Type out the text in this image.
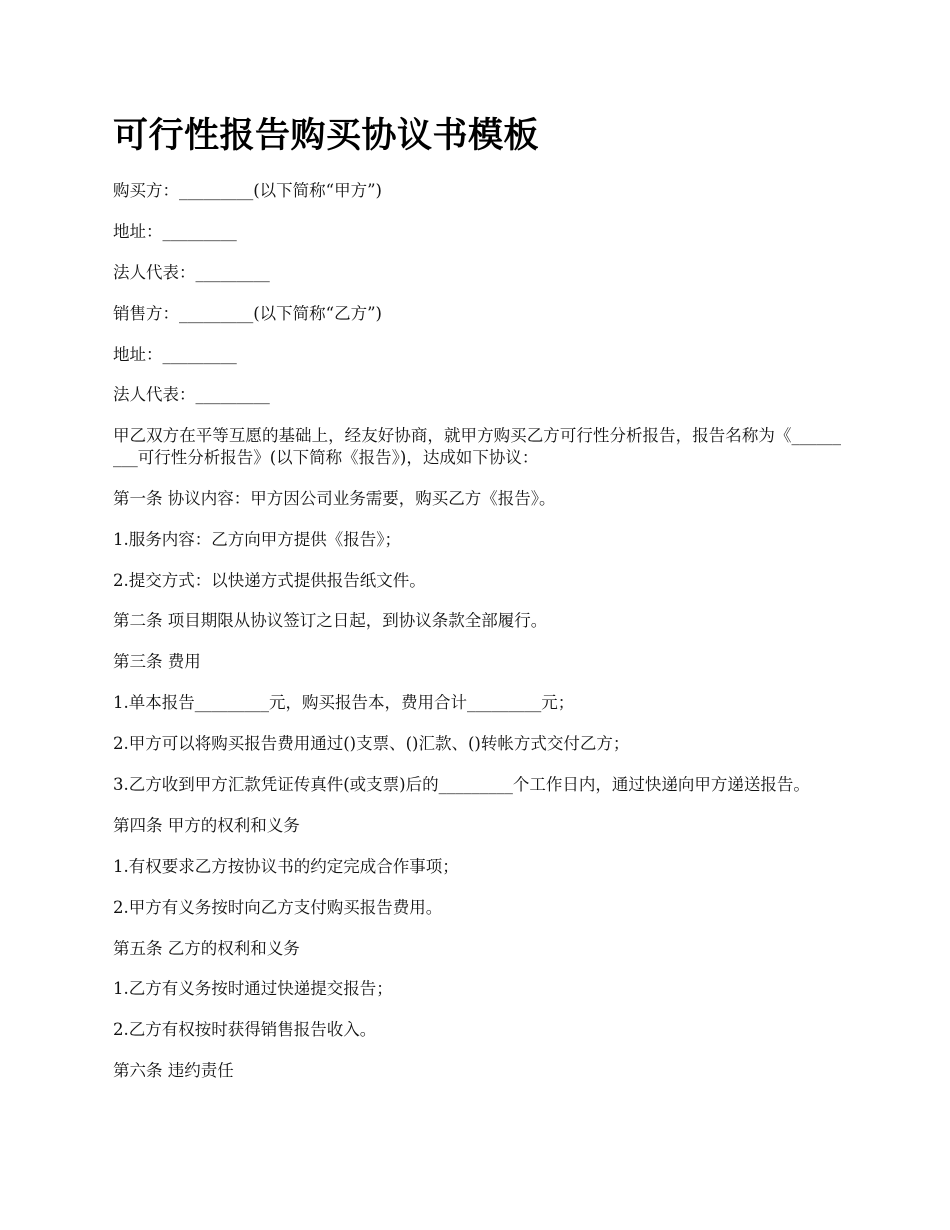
可行性报告购买协议书模板

购买方：_________(以下简称“甲方”)

地址：_________

法人代表：_________

销售方：_________(以下简称“乙方”)

地址：_________

法人代表：_________

甲乙双方在平等互愿的基础上，经友好协商，就甲方购买乙方可行性分析报告，报告名称为《_________可行性分析报告》(以下简称《报告》)，达成如下协议：

第一条 协议内容：甲方因公司业务需要，购买乙方《报告》。

1.服务内容：乙方向甲方提供《报告》；

2.提交方式：以快递方式提供报告纸文件。

第二条 项目期限从协议签订之日起，到协议条款全部履行。

第三条 费用

1.单本报告_________元，购买报告本，费用合计_________元；

2.甲方可以将购买报告费用通过()支票、()汇款、()转帐方式交付乙方；

3.乙方收到甲方汇款凭证传真件(或支票)后的_________个工作日内，通过快递向甲方递送报告。

第四条 甲方的权利和义务

1.有权要求乙方按协议书的约定完成合作事项；

2.甲方有义务按时向乙方支付购买报告费用。

第五条 乙方的权利和义务

1.乙方有义务按时通过快递提交报告；

2.乙方有权按时获得销售报告收入。

第六条 违约责任
